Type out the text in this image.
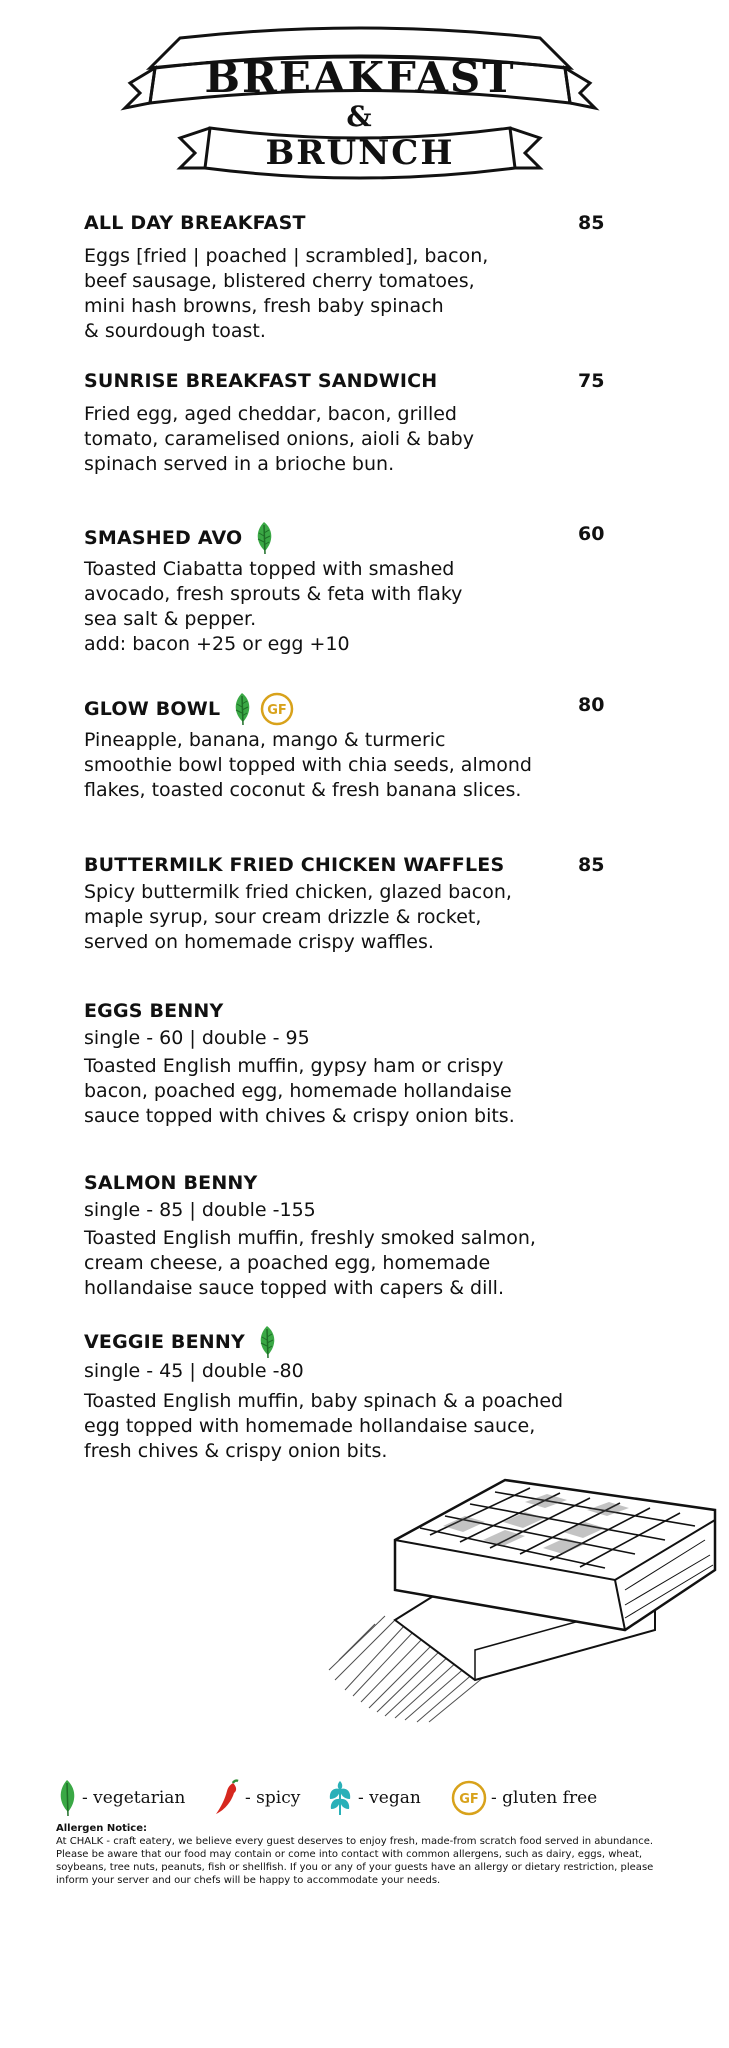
BREAKFAST
&
BRUNCH
ALL DAY BREAKFAST	85
Eggs [fried | poached | scrambled], bacon,
beef sausage, blistered cherry tomatoes,
mini hash browns, fresh baby spinach
& sourdough toast.
SUNRISE BREAKFAST SANDWICH	75
Fried egg, aged cheddar, bacon, grilled
tomato, caramelised onions, aioli & baby
spinach served in a brioche bun.
SMASHED AVO	60
Toasted Ciabatta topped with smashed
avocado, fresh sprouts & feta with flaky
sea salt & pepper.
add: bacon +25 or egg +10
GLOW BOWL	GF	80
Pineapple, banana, mango & turmeric
smoothie bowl topped with chia seeds, almond
flakes, toasted coconut & fresh banana slices.
BUTTERMILK FRIED CHICKEN WAFFLES	85
Spicy buttermilk fried chicken, glazed bacon,
maple syrup, sour cream drizzle & rocket,
served on homemade crispy waffles.
EGGS BENNY
single - 60 | double - 95
Toasted English muffin, gypsy ham or crispy
bacon, poached egg, homemade hollandaise
sauce topped with chives & crispy onion bits.
SALMON BENNY
single - 85 | double -155
Toasted English muffin, freshly smoked salmon,
cream cheese, a poached egg, homemade
hollandaise sauce topped with capers & dill.
VEGGIE BENNY
single - 45 | double -80
Toasted English muffin, baby spinach & a poached
egg topped with homemade hollandaise sauce,
fresh chives & crispy onion bits.
- vegetarian	- spicy	- vegan	GF - gluten free
Allergen Notice:
At CHALK - craft eatery, we believe every guest deserves to enjoy fresh, made-from scratch food served in abundance. Please be aware that our food may contain or come into contact with common allergens, such as dairy, eggs, wheat, soybeans, tree nuts, peanuts, fish or shellfish. If you or any of your guests have an allergy or dietary restriction, please inform your server and our chefs will be happy to accommodate your needs.
